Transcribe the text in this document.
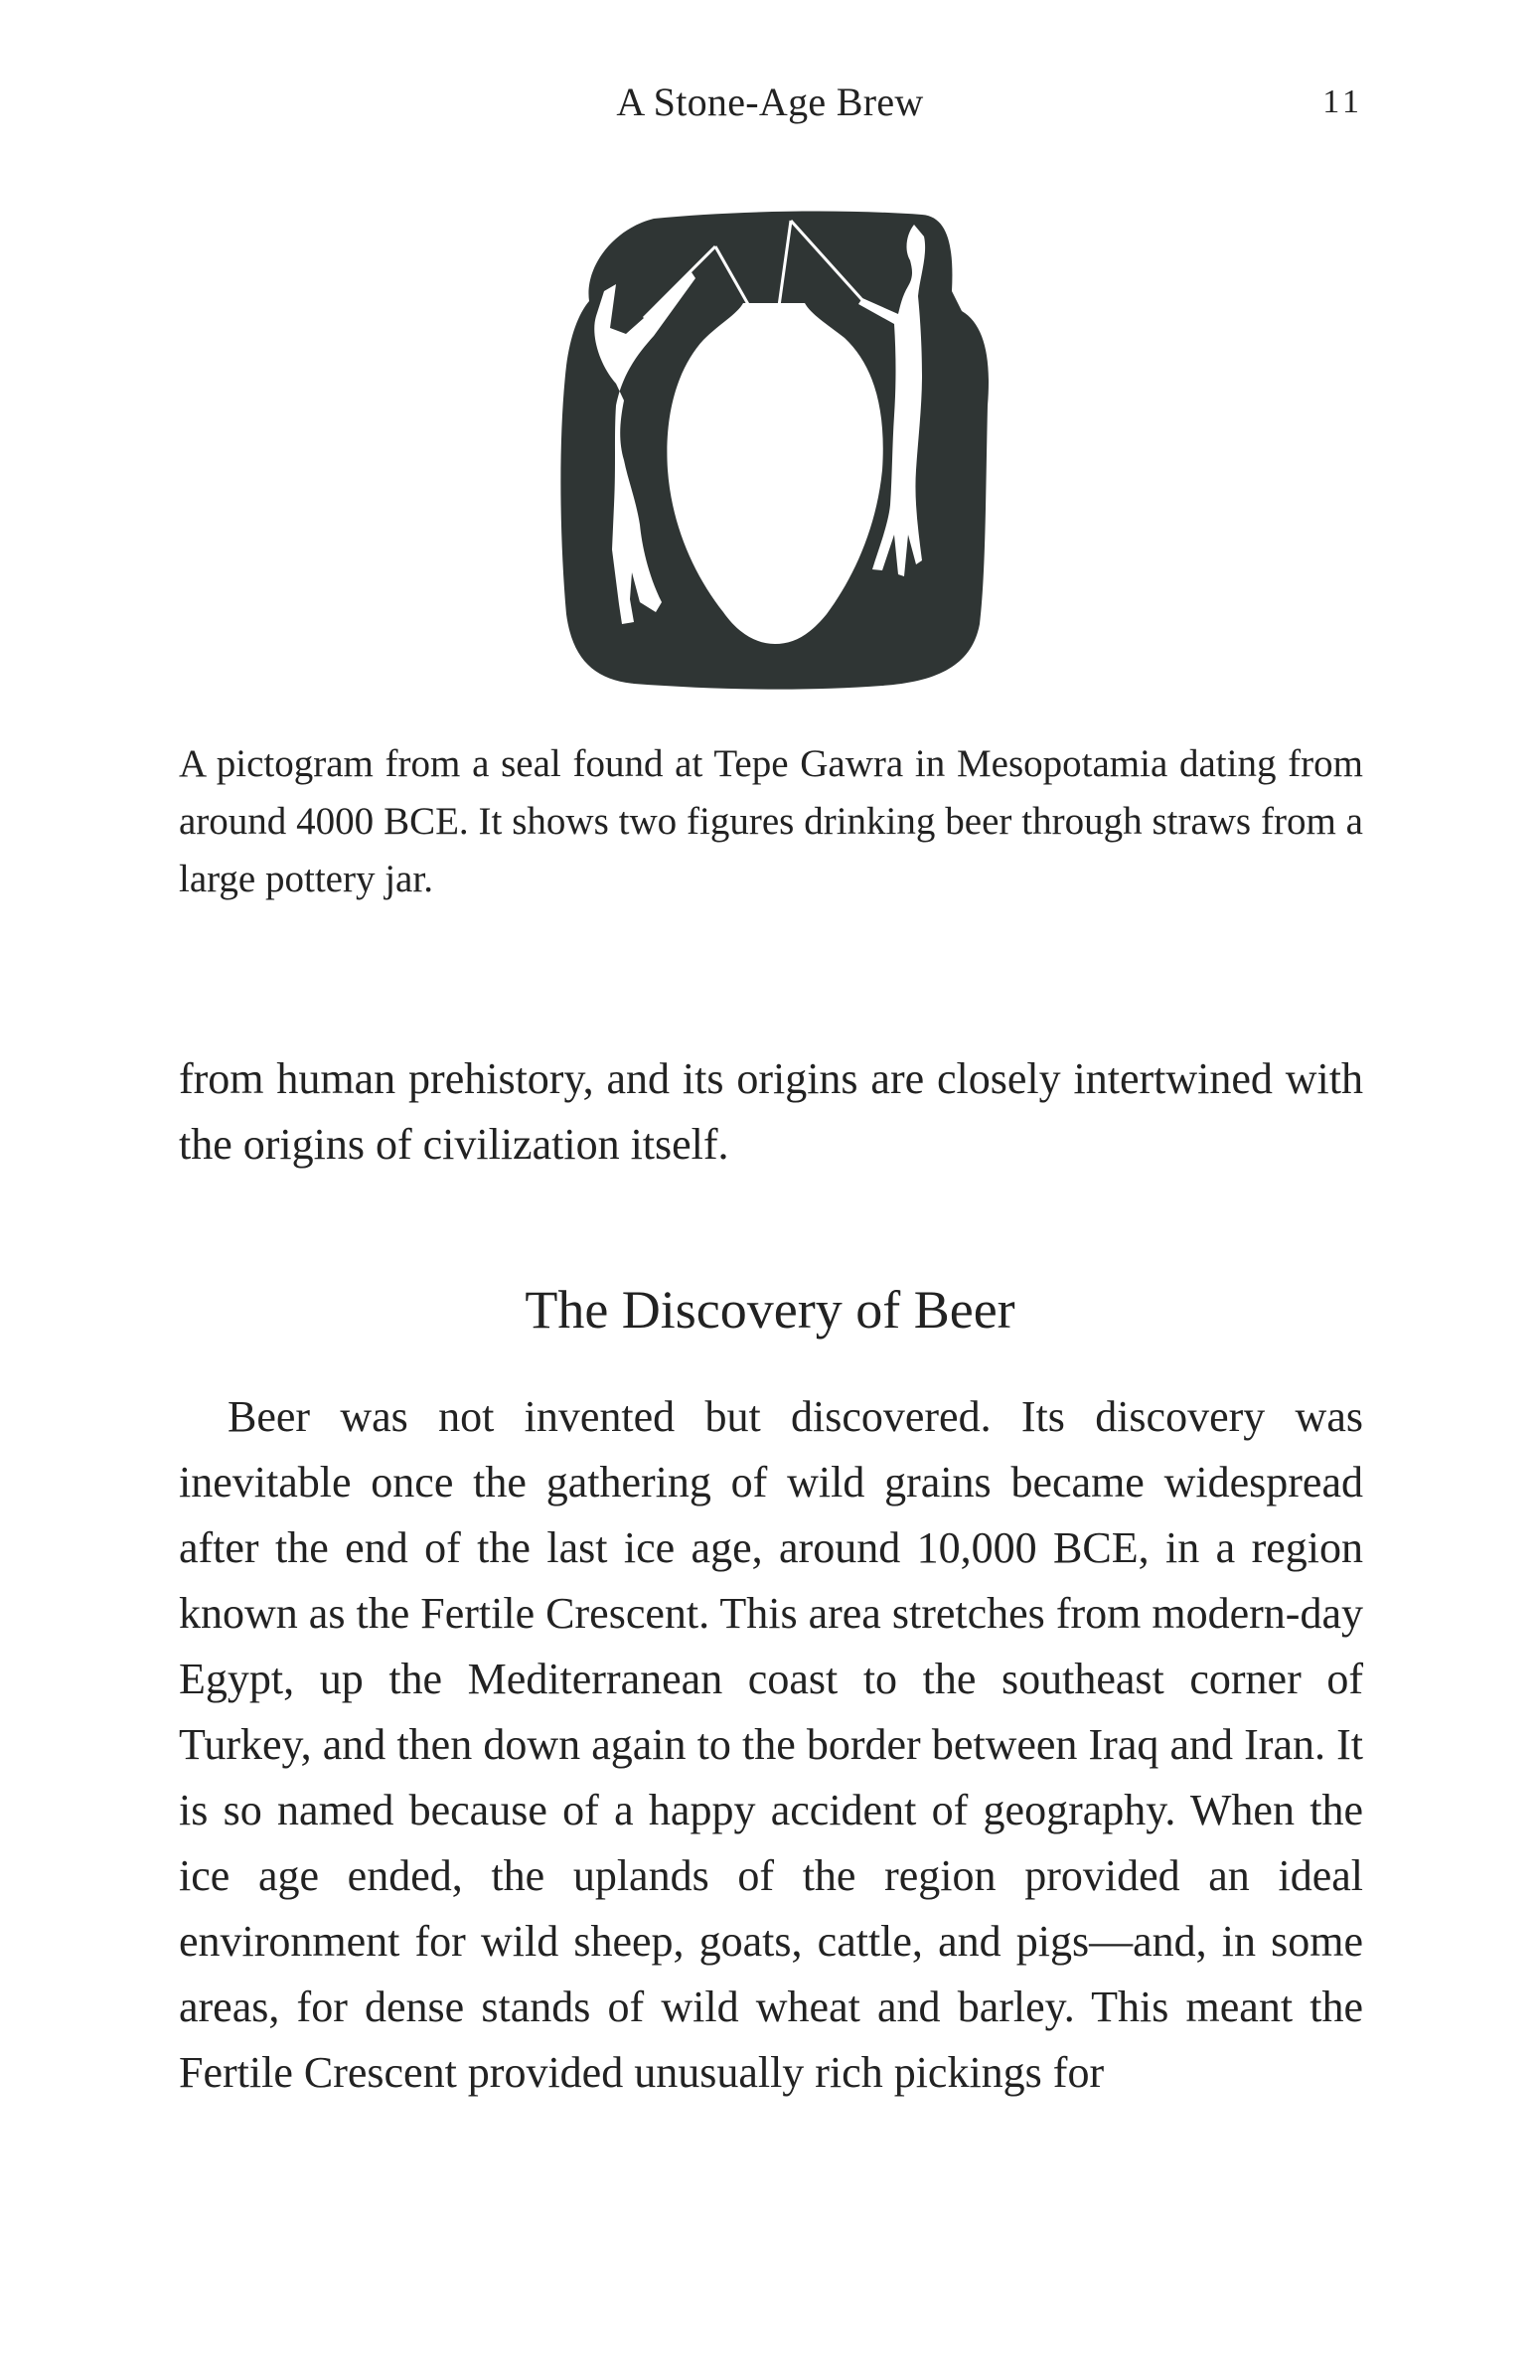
A Stone-Age Brew	11
A pictogram from a seal found at Tepe Gawra in Mesopotamia dating from around 4000 BCE. It shows two figures drinking beer through straws from a large pottery jar.

from human prehistory, and its origins are closely intertwined with the origins of civilization itself.

The Discovery of Beer

Beer was not invented but discovered. Its discovery was inevitable once the gathering of wild grains became widespread after the end of the last ice age, around 10,000 BCE, in a region known as the Fertile Crescent. This area stretches from modern-day Egypt, up the Mediterranean coast to the southeast corner of Turkey, and then down again to the border between Iraq and Iran. It is so named because of a happy accident of geography. When the ice age ended, the uplands of the region provided an ideal environment for wild sheep, goats, cattle, and pigs—and, in some areas, for dense stands of wild wheat and barley. This meant the Fertile Crescent provided unusually rich pickings for
